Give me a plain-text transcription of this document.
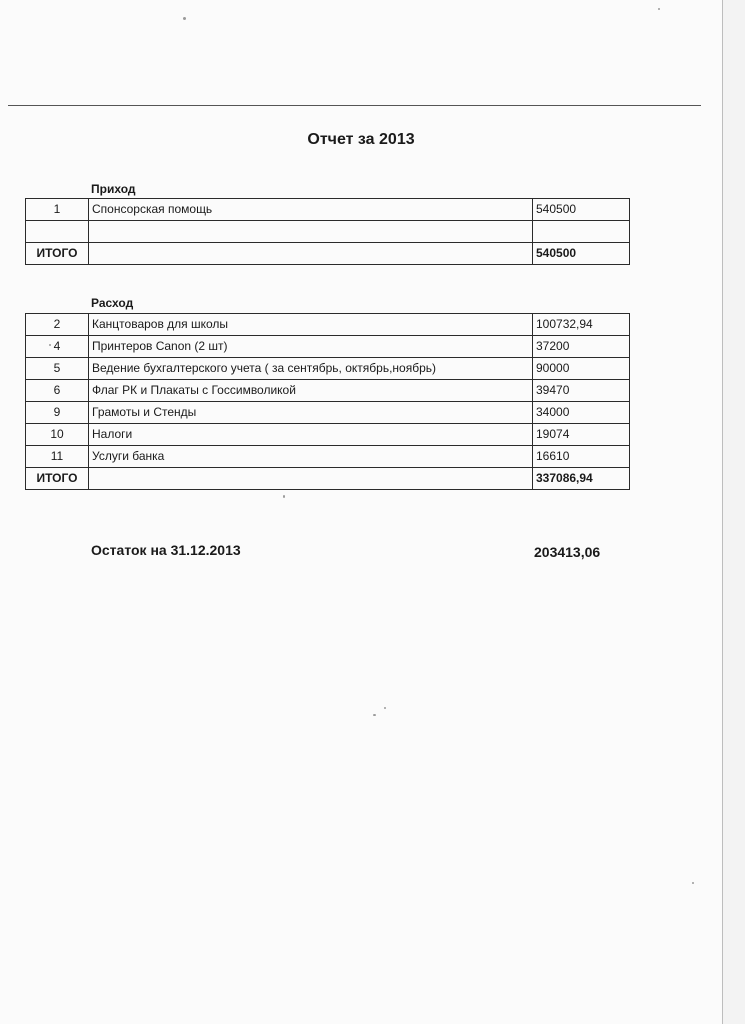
Отчет за 2013
Приход
1	Спонсорская помощь	540500

ИТОГО		540500
Расход
2	Канцтоваров для школы	100732,94
4	Принтеров Canon (2 шт)	37200
5	Ведение бухгалтерского учета ( за сентябрь, октябрь,ноябрь)	90000
6	Флаг РК и Плакаты с Госсимволикой	39470
9	Грамоты и Стенды	34000
10	Налоги	19074
11	Услуги банка	16610
ИТОГО		337086,94
Остаток на 31.12.2013	203413,06
